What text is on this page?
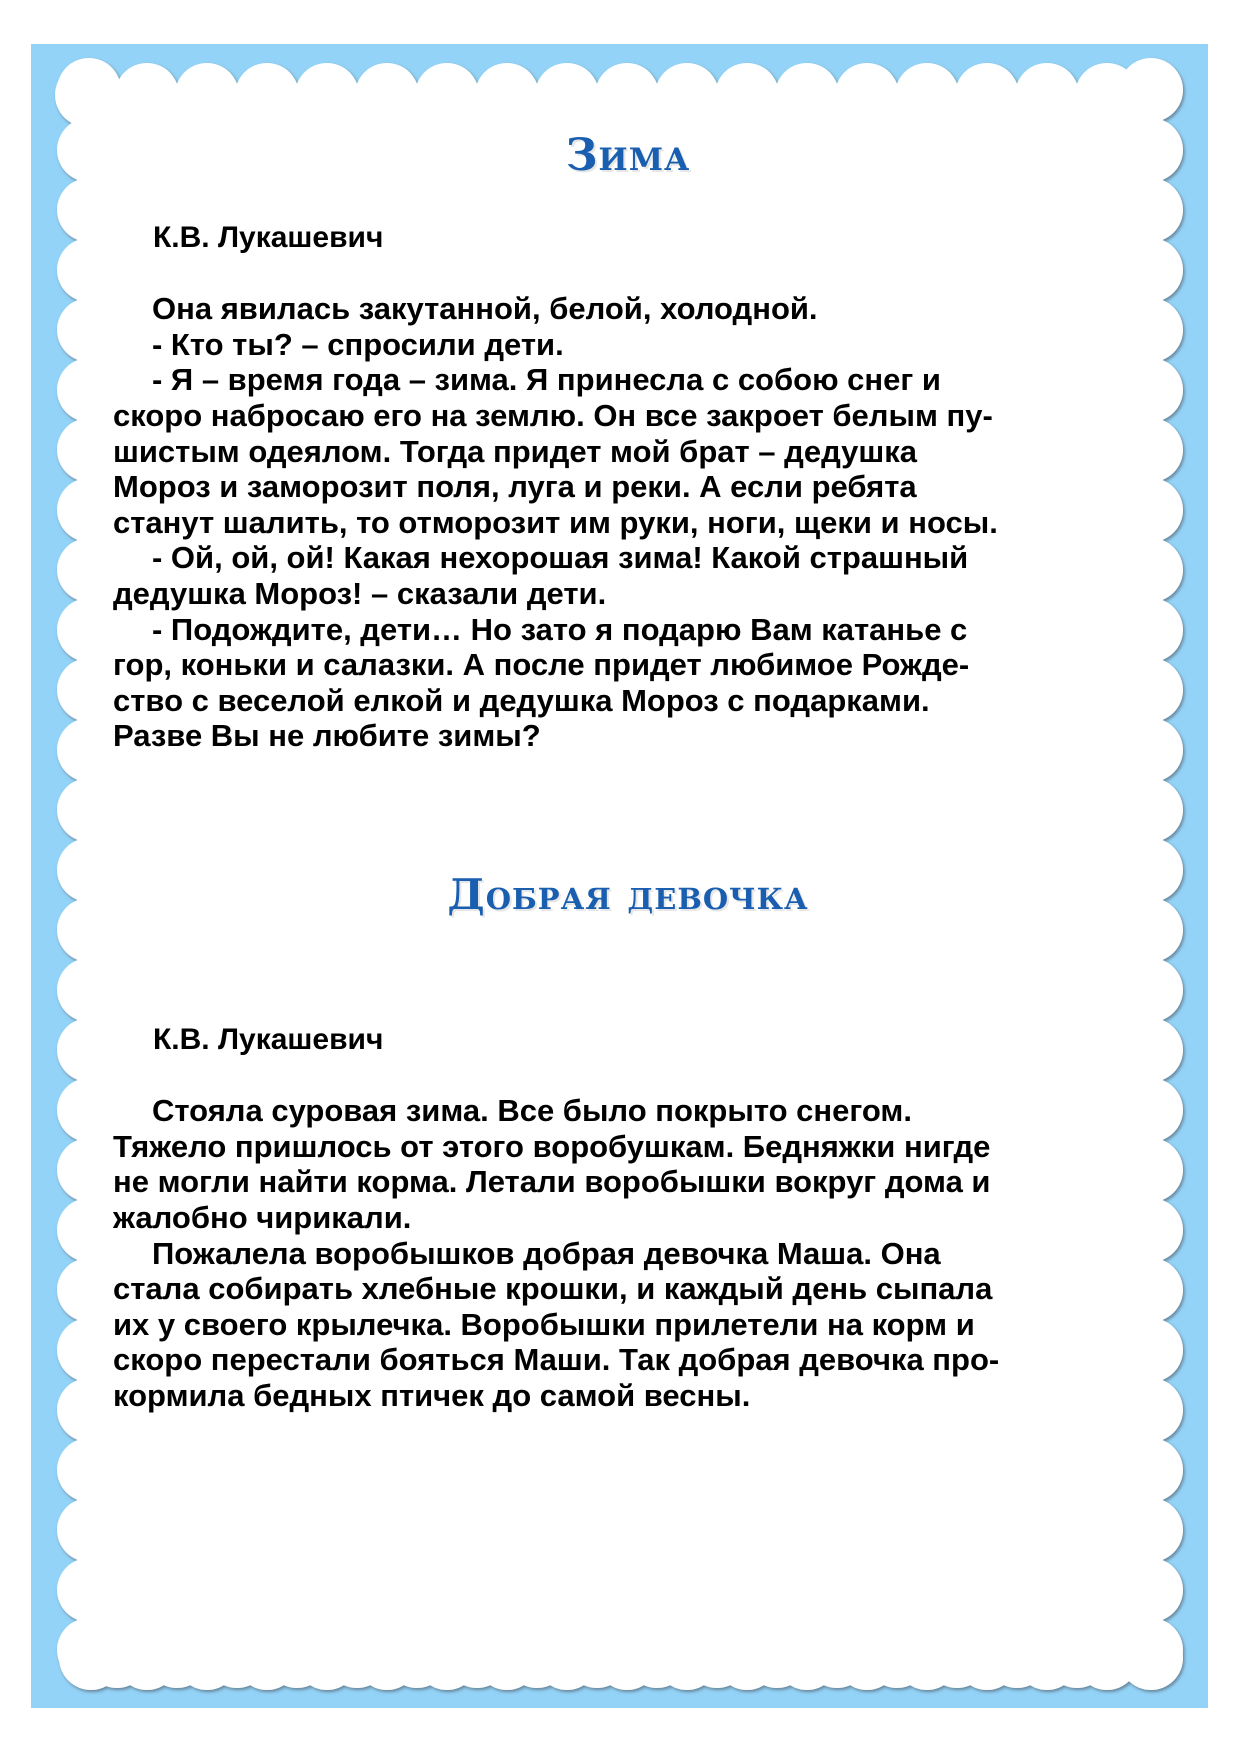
Зима
К.В. Лукашевич
Она явилась закутанной, белой, холодной.
- Кто ты? – спросили дети.
- Я – время года – зима. Я принесла с собою снег и
скоро набросаю его на землю. Он все закроет белым пу-
шистым одеялом. Тогда придет мой брат – дедушка
Мороз и заморозит поля, луга и реки. А если ребята
станут шалить, то отморозит им руки, ноги, щеки и носы.
- Ой, ой, ой! Какая нехорошая зима! Какой страшный
дедушка Мороз! – сказали дети.
- Подождите, дети… Но зато я подарю Вам катанье с
гор, коньки и салазки. А после придет любимое Рожде-
ство с веселой елкой и дедушка Мороз с подарками.
Разве Вы не любите зимы?
Добрая девочка
К.В. Лукашевич
Стояла суровая зима. Все было покрыто снегом.
Тяжело пришлось от этого воробушкам. Бедняжки нигде
не могли найти корма. Летали воробышки вокруг дома и
жалобно чирикали.
Пожалела воробышков добрая девочка Маша. Она
стала собирать хлебные крошки, и каждый день сыпала
их у своего крылечка. Воробышки прилетели на корм и
скоро перестали бояться Маши. Так добрая девочка про-
кормила бедных птичек до самой весны.
